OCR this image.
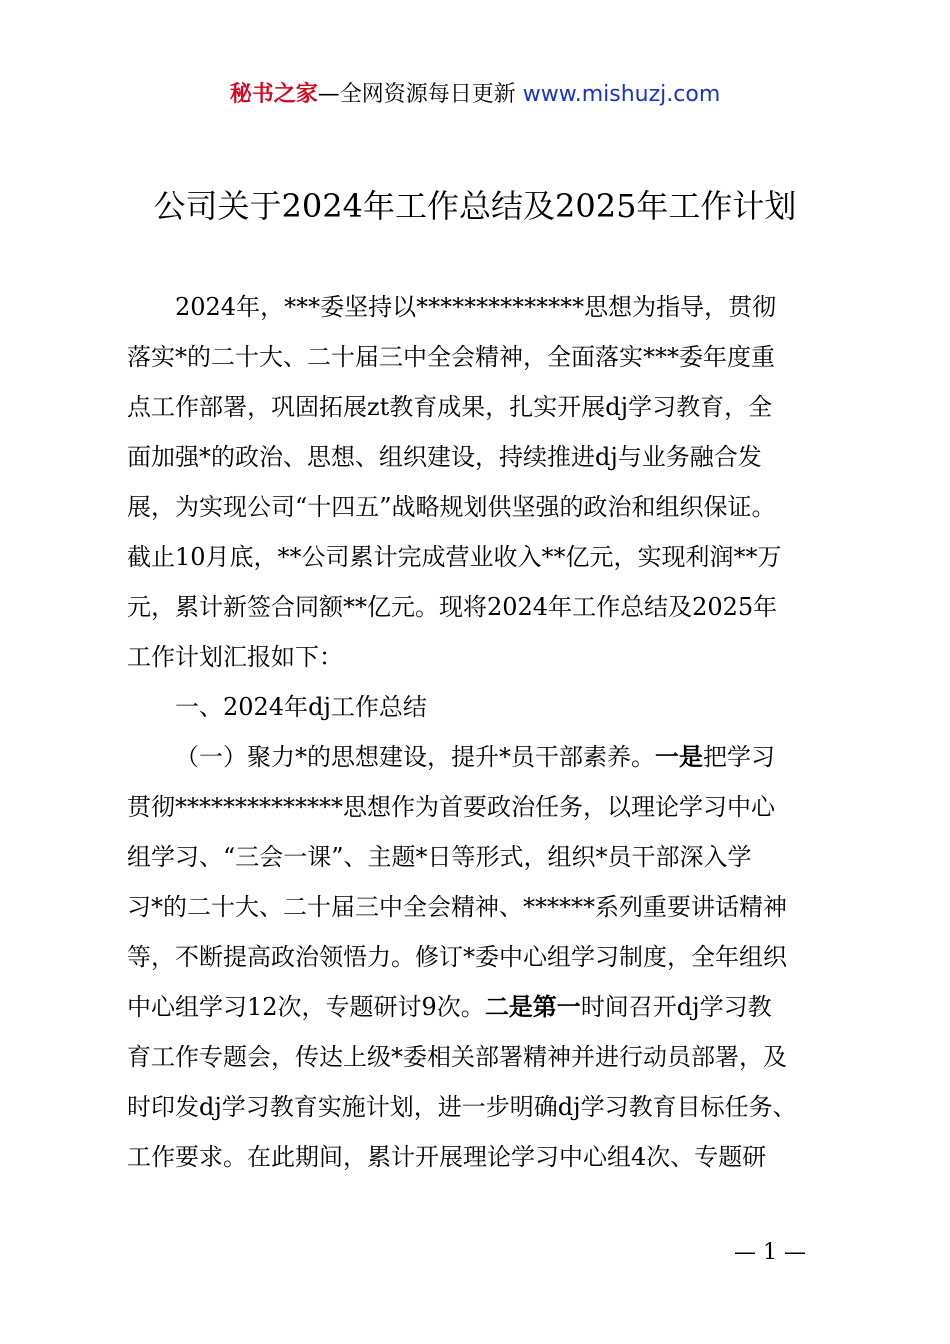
秘书之家—全网资源每日更新 www.mishuzj.com
公司关于2024年工作总结及2025年工作计划
2024年，***委坚持以**************思想为指导，贯彻
落实*的二十大、二十届三中全会精神，全面落实***委年度重
点工作部署，巩固拓展zt教育成果，扎实开展dj学习教育，全
面加强*的政治、思想、组织建设，持续推进dj与业务融合发
展，为实现公司“十四五”战略规划供坚强的政治和组织保证。
截止10月底，**公司累计完成营业收入**亿元，实现利润**万
元，累计新签合同额**亿元。现将2024年工作总结及2025年
工作计划汇报如下：
一、2024年dj工作总结
（一）聚力*的思想建设，提升*员干部素养。一是把学习
贯彻**************思想作为首要政治任务，以理论学习中心
组学习、“三会一课”、主题*日等形式，组织*员干部深入学
习*的二十大、二十届三中全会精神、******系列重要讲话精神
等，不断提高政治领悟力。修订*委中心组学习制度，全年组织
中心组学习12次，专题研讨9次。二是第一时间召开dj学习教
育工作专题会，传达上级*委相关部署精神并进行动员部署，及
时印发dj学习教育实施计划，进一步明确dj学习教育目标任务、
工作要求。在此期间，累计开展理论学习中心组4次、专题研
— 1 —
